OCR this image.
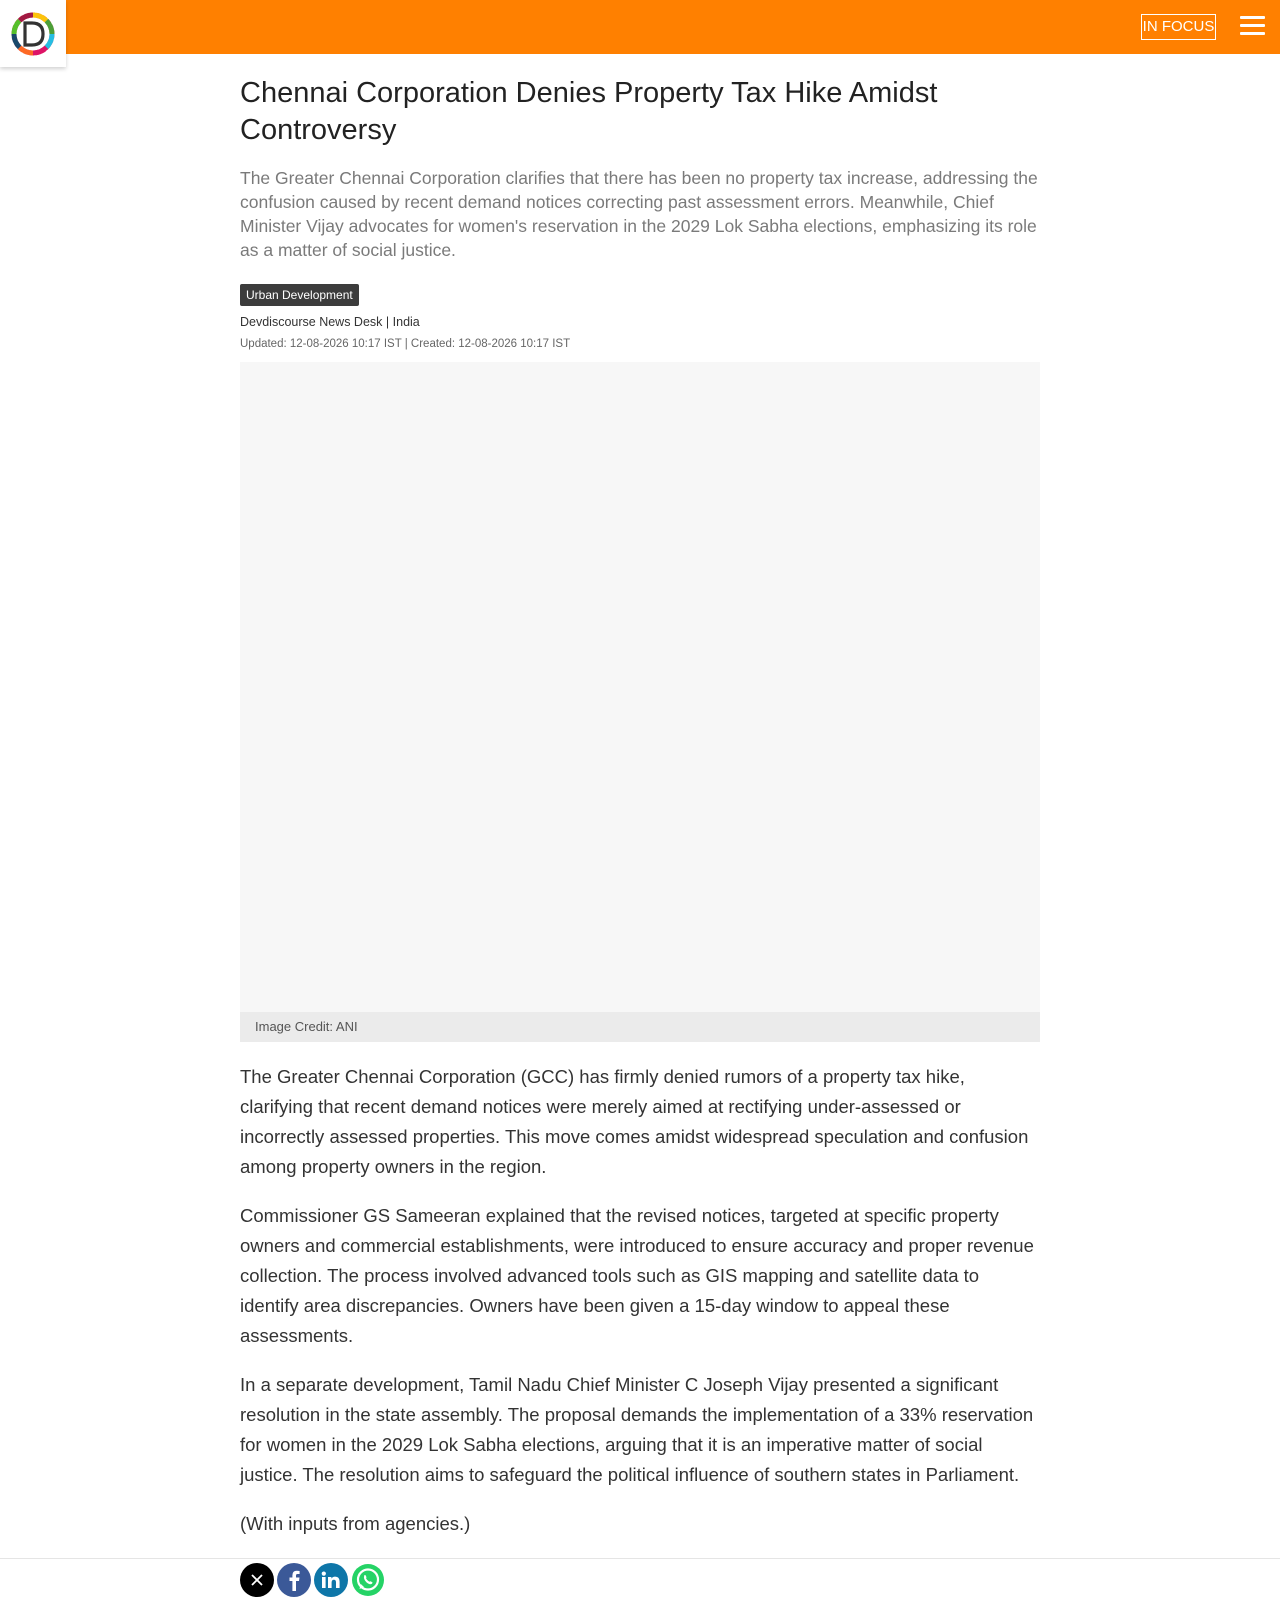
IN FOCUS
Chennai Corporation Denies Property Tax Hike Amidst Controversy

The Greater Chennai Corporation clarifies that there has been no property tax increase, addressing the confusion caused by recent demand notices correcting past assessment errors. Meanwhile, Chief Minister Vijay advocates for women's reservation in the 2029 Lok Sabha elections, emphasizing its role as a matter of social justice.

Urban Development
Devdiscourse News Desk | India
Updated: 12-08-2026 10:17 IST | Created: 12-08-2026 10:17 IST
Image Credit: ANI

The Greater Chennai Corporation (GCC) has firmly denied rumors of a property tax hike, clarifying that recent demand notices were merely aimed at rectifying under-assessed or incorrectly assessed properties. This move comes amidst widespread speculation and confusion among property owners in the region.

Commissioner GS Sameeran explained that the revised notices, targeted at specific property owners and commercial establishments, were introduced to ensure accuracy and proper revenue collection. The process involved advanced tools such as GIS mapping and satellite data to identify area discrepancies. Owners have been given a 15-day window to appeal these assessments.

In a separate development, Tamil Nadu Chief Minister C Joseph Vijay presented a significant resolution in the state assembly. The proposal demands the implementation of a 33% reservation for women in the 2029 Lok Sabha elections, arguing that it is an imperative matter of social justice. The resolution aims to safeguard the political influence of southern states in Parliament.

(With inputs from agencies.)
